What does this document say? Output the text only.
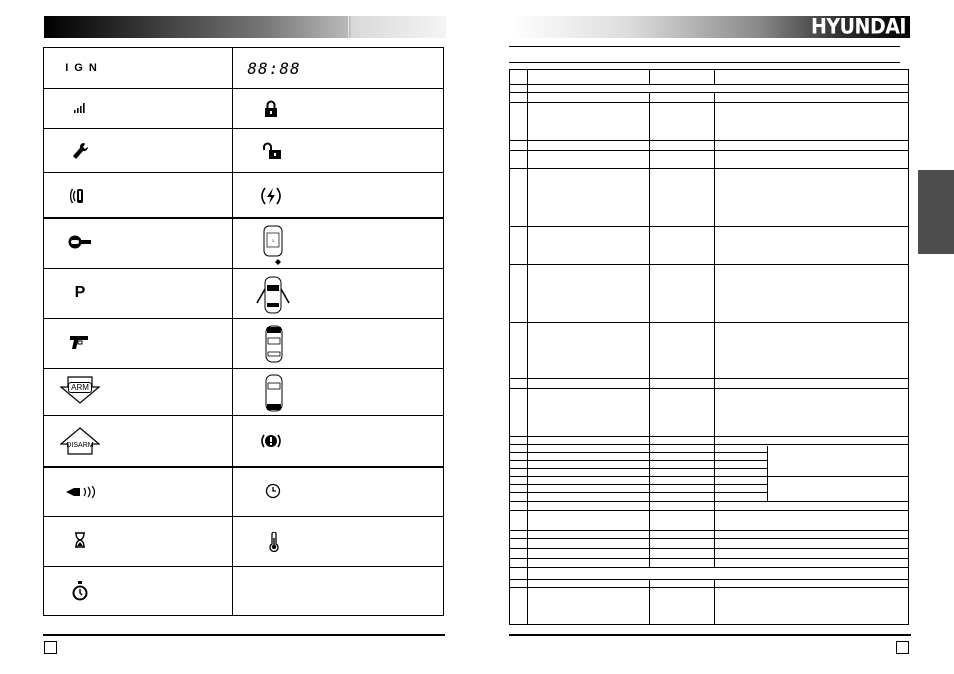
HYUNDAI
IGN
P
ARM
DISARM
88:88
1
